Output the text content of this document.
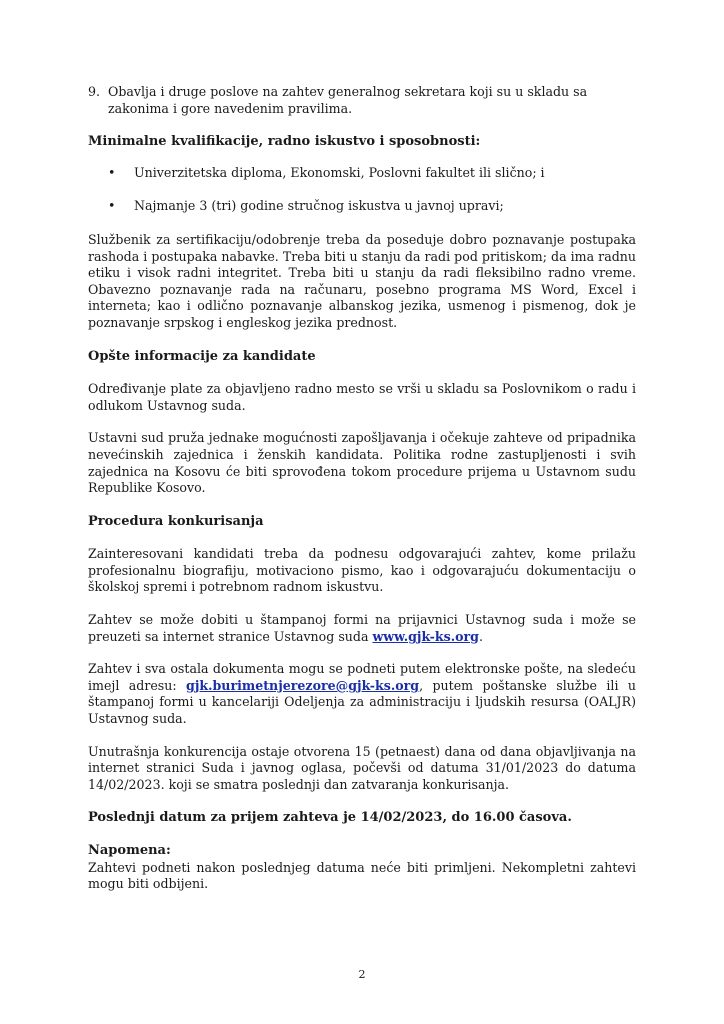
9. Obavlja i druge poslove na zahtev generalnog sekretara koji su u skladu sa zakonima i gore navedenim pravilima.

Minimalne kvalifikacije, radno iskustvo i sposobnosti:

•	Univerzitetska diploma, Ekonomski, Poslovni fakultet ili slično; i
•	Najmanje 3 (tri) godine stručnog iskustva u javnoj upravi;

Službenik za sertifikaciju/odobrenje treba da poseduje dobro poznavanje postupaka rashoda i postupaka nabavke. Treba biti u stanju da radi pod pritiskom; da ima radnu etiku i visok radni integritet. Treba biti u stanju da radi fleksibilno radno vreme. Obavezno poznavanje rada na računaru, posebno programa MS Word, Excel i interneta; kao i odlično poznavanje albanskog jezika, usmenog i pismenog, dok je poznavanje srpskog i engleskog jezika prednost.

Opšte informacije za kandidate

Određivanje plate za objavljeno radno mesto se vrši u skladu sa Poslovnikom o radu i odlukom Ustavnog suda.

Ustavni sud pruža jednake mogućnosti zapošljavanja i očekuje zahteve od pripadnika nevećinskih zajednica i ženskih kandidata. Politika rodne zastupljenosti i svih zajednica na Kosovu će biti sprovođena tokom procedure prijema u Ustavnom sudu Republike Kosovo.

Procedura konkurisanja

Zainteresovani kandidati treba da podnesu odgovarajući zahtev, kome prilažu profesionalnu biografiju, motivaciono pismo, kao i odgovarajuću dokumentaciju o školskoj spremi i potrebnom radnom iskustvu.

Zahtev se može dobiti u štampanoj formi na prijavnici Ustavnog suda i može se preuzeti sa internet stranice Ustavnog suda www.gjk-ks.org.

Zahtev i sva ostala dokumenta mogu se podneti putem elektronske pošte, na sledeću imejl adresu: gjk.burimetnjerezore@gjk-ks.org, putem poštanske službe ili u štampanoj formi u kancelariji Odeljenja za administraciju i ljudskih resursa (OALJR) Ustavnog suda.

Unutrašnja konkurencija ostaje otvorena 15 (petnaest) dana od dana objavljivanja na internet stranici Suda i javnog oglasa, počevši od datuma 31/01/2023 do datuma 14/02/2023. koji se smatra poslednji dan zatvaranja konkurisanja.

Poslednji datum za prijem zahteva je 14/02/2023, do 16.00 časova.

Napomena:

Zahtevi podneti nakon poslednjeg datuma neće biti primljeni. Nekompletni zahtevi mogu biti odbijeni.

2
